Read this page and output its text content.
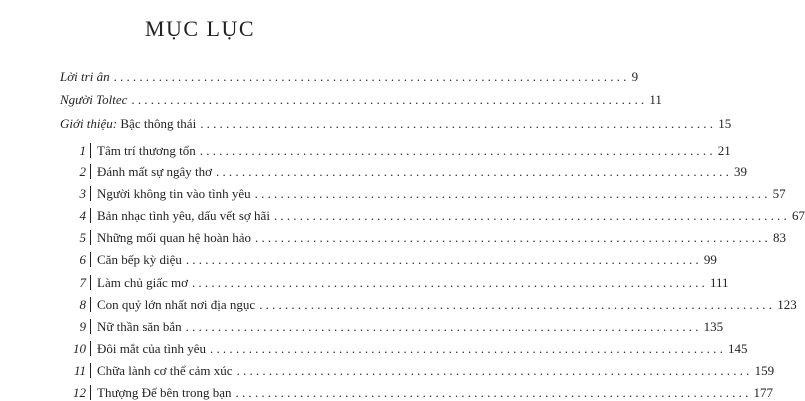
MỤC LỤC
Lời tri ân ................................................................................ 9
Người Toltec ................................................................................ 11
Giới thiệu: Bậc thông thái ................................................................................ 15
1 Tâm trí thương tổn ................................................................................ 21
2 Đánh mất sự ngây thơ ................................................................................ 39
3 Người không tin vào tình yêu ................................................................................ 57
4 Bản nhạc tình yêu, dấu vết sợ hãi ................................................................................ 67
5 Những mối quan hệ hoàn hảo ................................................................................ 83
6 Căn bếp kỳ diệu ................................................................................ 99
7 Làm chủ giấc mơ ................................................................................ 111
8 Con quỷ lớn nhất nơi địa ngục ................................................................................ 123
9 Nữ thần săn bắn ................................................................................ 135
10 Đôi mắt của tình yêu ................................................................................ 145
11 Chữa lành cơ thể cảm xúc ................................................................................ 159
12 Thượng Đế bên trong bạn ................................................................................ 177
